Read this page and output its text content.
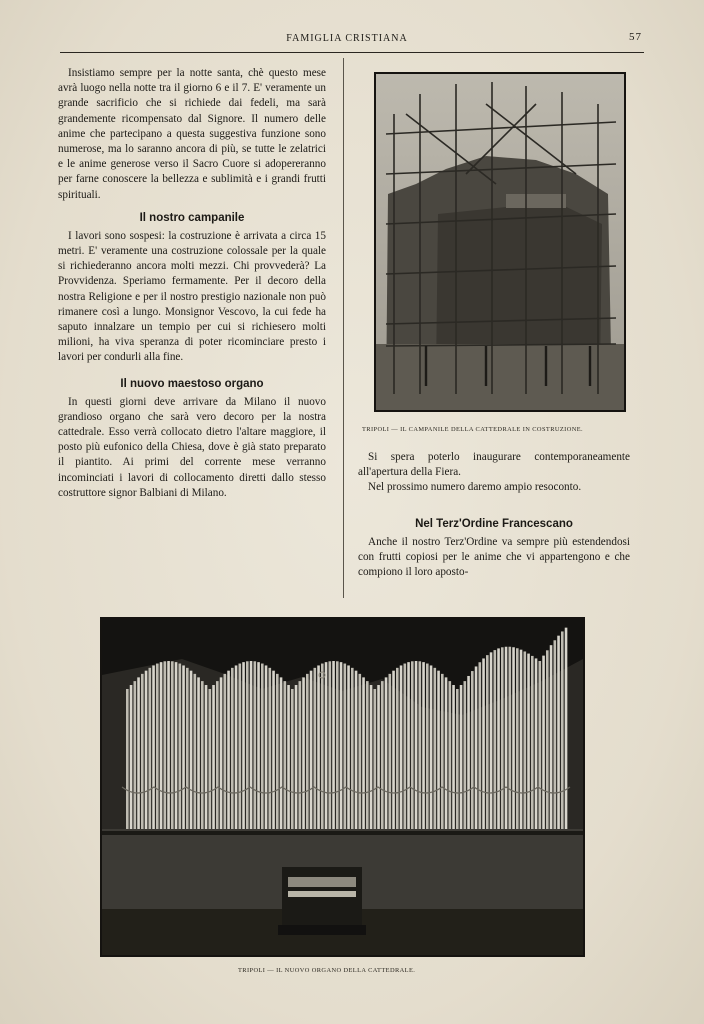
FAMIGLIA CRISTIANA	57

Insistiamo sempre per la notte santa, chè questo mese avrà luogo nella notte tra il giorno 6 e il 7. E' veramente un grande sacrificio che si richiede dai fedeli, ma sarà grandemente ricompensato dal Signore. Il numero delle anime che partecipano a questa suggestiva funzione sono numerose, ma lo saranno ancora di più, se tutte le zelatrici e le anime generose verso il Sacro Cuore si adopereranno per farne conoscere la bellezza e sublimità e i grandi frutti spirituali.

Il nostro campanile

I lavori sono sospesi: la costruzione è arrivata a circa 15 metri. E' veramente una costruzione colossale per la quale si richiederanno ancora molti mezzi. Chi provvederà? La Provvidenza. Speriamo fermamente. Per il decoro della nostra Religione e per il nostro prestigio nazionale non può rimanere così a lungo. Monsignor Vescovo, la cui fede ha saputo innalzare un tempio per cui si richiesero molti milioni, ha viva speranza di poter ricominciare presto i lavori per condurli alla fine.

Il nuovo maestoso organo

In questi giorni deve arrivare da Milano il nuovo grandioso organo che sarà vero decoro per la nostra cattedrale. Esso verrà collocato dietro l'altare maggiore, il posto più eufonico della Chiesa, dove è già stato preparato il piantito. Ai primi del corrente mese verranno incominciati i lavori di collocamento diretti dallo stesso costruttore signor Balbiani di Milano.

TRIPOLI — IL CAMPANILE DELLA CATTEDRALE IN COSTRUZIONE.

Si spera poterlo inaugurare contemporaneamente all'apertura della Fiera.

Nel prossimo numero daremo ampio resoconto.

Nel Terz'Ordine Francescano

Anche il nostro Terz'Ordine va sempre più estendendosi con frutti copiosi per le anime che vi appartengono e che compiono il loro aposto-

TRIPOLI — IL NUOVO ORGANO DELLA CATTEDRALE.
